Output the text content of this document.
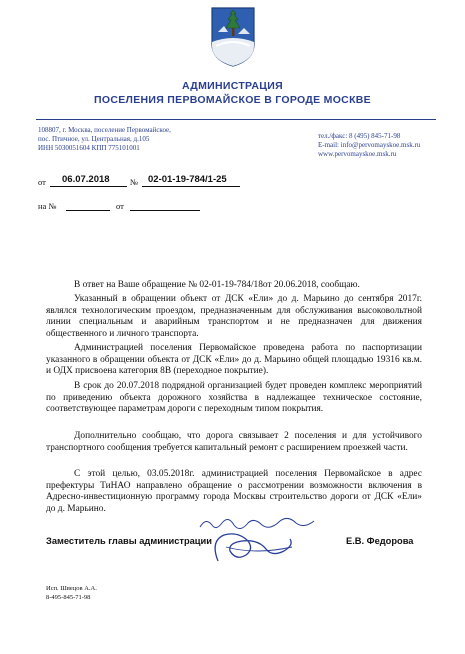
АДМИНИСТРАЦИЯ
ПОСЕЛЕНИЯ ПЕРВОМАЙСКОЕ В ГОРОДЕ МОСКВЕ
108807, г. Москва, поселение Первомайское,
пос. Птичное, ул. Центральная, д.105
ИНН 5030051604 КПП 775101001
тел./факс: 8 (495) 845-71-98
E-mail: info@pervomayskoe.msk.ru
www.pervomayskoe.msk.ru
от 06.07.2018 № 02-01-19-784/1-25
на №	от
В ответ на Ваше обращение № 02-01-19-784/18от 20.06.2018, сообщаю.
Указанный в обращении объект от ДСК «Ели» до д. Марьино до сентября 2017г. являлся технологическим проездом, предназначенным для обслуживания высоковольтной линии специальным и аварийным транспортом и не предназначен для движения общественного и личного транспорта.
Администрацией поселения Первомайское проведена работа по паспортизации указанного в обращении объекта от ДСК «Ели» до д. Марьино общей площадью 19316 кв.м. и ОДХ присвоена категория 8В (переходное покрытие).
В срок до 20.07.2018 подрядной организацией будет проведен комплекс мероприятий по приведению объекта дорожного хозяйства в надлежащее техническое состояние, соответствующее параметрам дороги с переходным типом покрытия.
Дополнительно сообщаю, что дорога связывает 2 поселения и для устойчивого транспортного сообщения требуется капитальный ремонт с расширением проезжей части.
С этой целью, 03.05.2018г. администрацией поселения Первомайское в адрес префектуры ТиНАО направлено обращение о рассмотрении возможности включения в Адресно-инвестиционную программу города Москвы строительство дороги от ДСК «Ели» до д. Марьино.
Заместитель главы администрации	Е.В. Федорова
Исп. Швецов А.А.
8-495-845-71-98
